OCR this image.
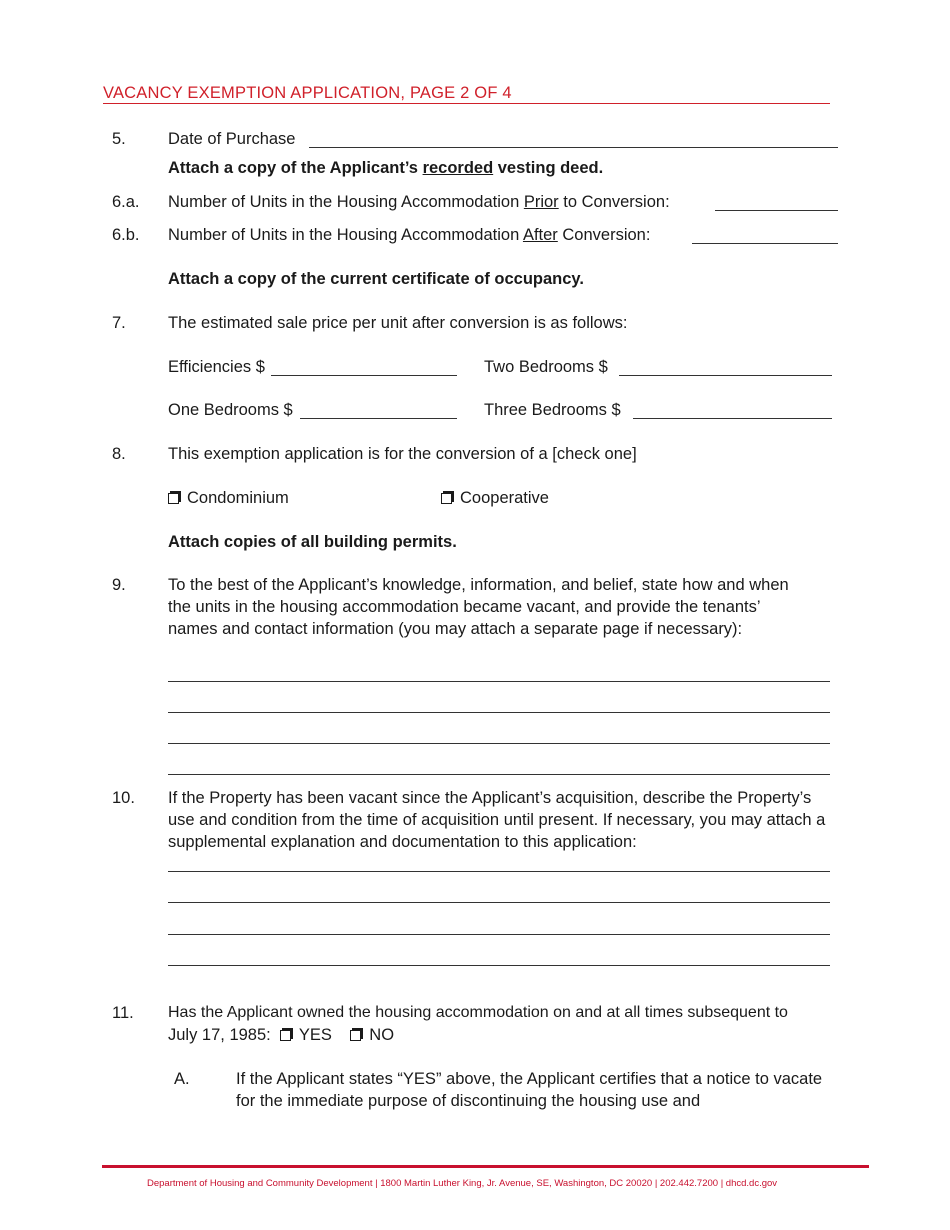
VACANCY EXEMPTION APPLICATION, PAGE 2 OF 4
5.	Date of Purchase
Attach a copy of the Applicant’s recorded vesting deed.
6.a. Number of Units in the Housing Accommodation Prior to Conversion:
6.b. Number of Units in the Housing Accommodation After Conversion:
Attach a copy of the current certificate of occupancy.
7.	The estimated sale price per unit after conversion is as follows:
Efficiencies $	Two Bedrooms $
One Bedrooms $	Three Bedrooms $
8.	This exemption application is for the conversion of a [check one]
Condominium	Cooperative
Attach copies of all building permits.
9.	To the best of the Applicant’s knowledge, information, and belief, state how and when the units in the housing accommodation became vacant, and provide the tenants’ names and contact information (you may attach a separate page if necessary):
10. If the Property has been vacant since the Applicant’s acquisition, describe the Property’s use and condition from the time of acquisition until present. If necessary, you may attach a supplemental explanation and documentation to this application:
11. Has the Applicant owned the housing accommodation on and at all times subsequent to
July 17, 1985: YES NO
A.	If the Applicant states “YES” above, the Applicant certifies that a notice to vacate for the immediate purpose of discontinuing the housing use and
Department of Housing and Community Development | 1800 Martin Luther King, Jr. Avenue, SE, Washington, DC 20020 | 202.442.7200 | dhcd.dc.gov
